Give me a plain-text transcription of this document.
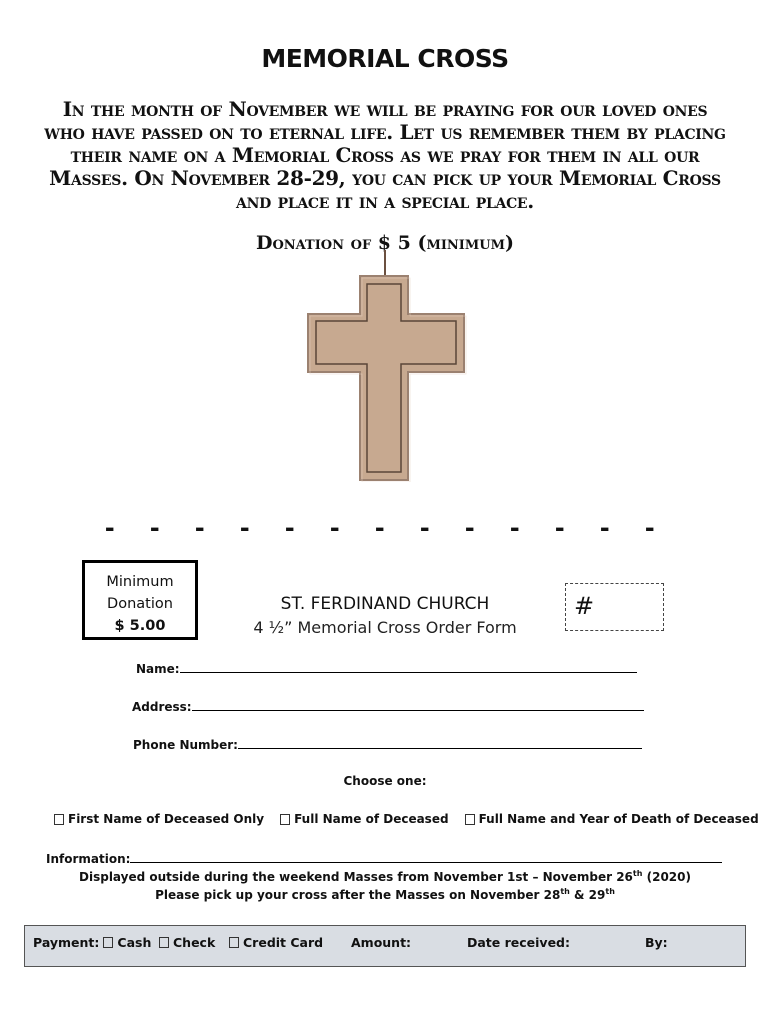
MEMORIAL CROSS
In the month of November we will be praying for our loved ones who have passed on to eternal life. Let us remember them by placing their name on a Memorial Cross as we pray for them in all our Masses. On November 28-29, you can pick up your Memorial Cross and place it in a special place.
Donation of $ 5 (minimum)

- - - - - - - - - - - - -

Minimum
Donation
$ 5.00
ST. FERDINAND CHURCH
4 ½” Memorial Cross Order Form
#
Name:
Address:
Phone Number:
Choose one:
First Name of Deceased Only	Full Name of Deceased	Full Name and Year of Death of Deceased
Information:
Displayed outside during the weekend Masses from November 1st – November 26th (2020)
Please pick up your cross after the Masses on November 28th & 29th
Payment: Cash Check Credit Card Amount:	Date received:	By:
